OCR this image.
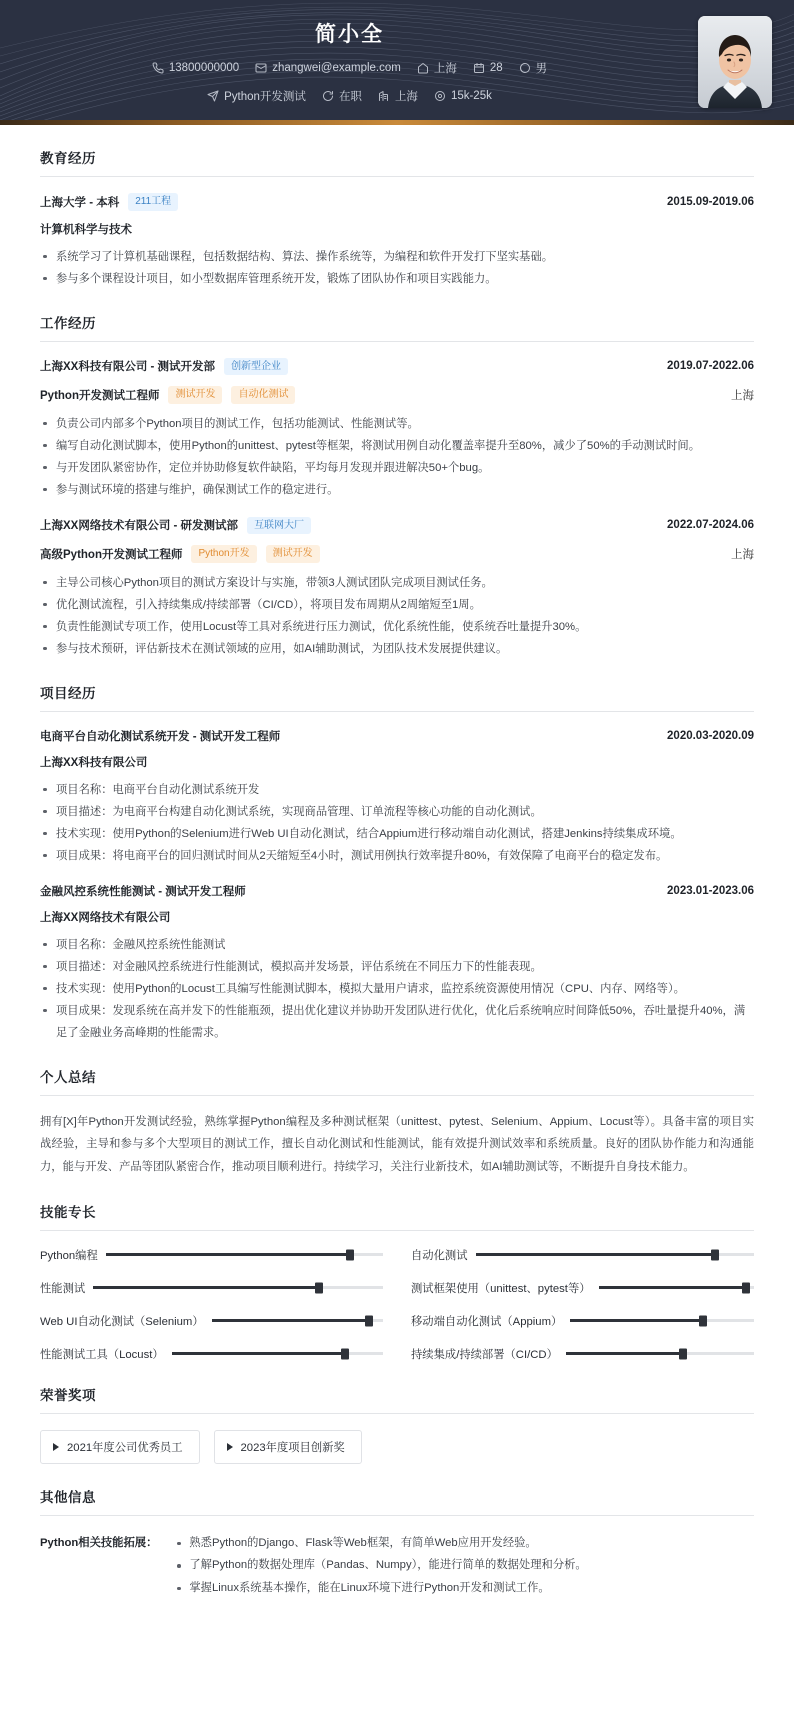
简小全
13800000000	zhangwei@example.com	上海	28	男
Python开发测试	在职	上海	15k-25k
教育经历
上海大学 - 本科	211工程	2015.09-2019.06
计算机科学与技术
系统学习了计算机基础课程，包括数据结构、算法、操作系统等，为编程和软件开发打下坚实基础。
参与多个课程设计项目，如小型数据库管理系统开发，锻炼了团队协作和项目实践能力。
工作经历
上海XX科技有限公司 - 测试开发部	创新型企业	2019.07-2022.06
Python开发测试工程师	测试开发	自动化测试	上海
负责公司内部多个Python项目的测试工作，包括功能测试、性能测试等。
编写自动化测试脚本，使用Python的unittest、pytest等框架，将测试用例自动化覆盖率提升至80%，减少了50%的手动测试时间。
与开发团队紧密协作，定位并协助修复软件缺陷，平均每月发现并跟进解决50+个bug。
参与测试环境的搭建与维护，确保测试工作的稳定进行。
上海XX网络技术有限公司 - 研发测试部	互联网大厂	2022.07-2024.06
高级Python开发测试工程师	Python开发	测试开发	上海
主导公司核心Python项目的测试方案设计与实施，带领3人测试团队完成项目测试任务。
优化测试流程，引入持续集成/持续部署（CI/CD），将项目发布周期从2周缩短至1周。
负责性能测试专项工作，使用Locust等工具对系统进行压力测试，优化系统性能，使系统吞吐量提升30%。
参与技术预研，评估新技术在测试领域的应用，如AI辅助测试，为团队技术发展提供建议。
项目经历
电商平台自动化测试系统开发 - 测试开发工程师	2020.03-2020.09
上海XX科技有限公司
项目名称：电商平台自动化测试系统开发
项目描述：为电商平台构建自动化测试系统，实现商品管理、订单流程等核心功能的自动化测试。
技术实现：使用Python的Selenium进行Web UI自动化测试，结合Appium进行移动端自动化测试，搭建Jenkins持续集成环境。
项目成果：将电商平台的回归测试时间从2天缩短至4小时，测试用例执行效率提升80%，有效保障了电商平台的稳定发布。
金融风控系统性能测试 - 测试开发工程师	2023.01-2023.06
上海XX网络技术有限公司
项目名称：金融风控系统性能测试
项目描述：对金融风控系统进行性能测试，模拟高并发场景，评估系统在不同压力下的性能表现。
技术实现：使用Python的Locust工具编写性能测试脚本，模拟大量用户请求，监控系统资源使用情况（CPU、内存、网络等）。
项目成果：发现系统在高并发下的性能瓶颈，提出优化建议并协助开发团队进行优化，优化后系统响应时间降低50%，吞吐量提升40%，满足了金融业务高峰期的性能需求。
个人总结
拥有[X]年Python开发测试经验，熟练掌握Python编程及多种测试框架（unittest、pytest、Selenium、Appium、Locust等）。具备丰富的项目实战经验，主导和参与多个大型项目的测试工作，擅长自动化测试和性能测试，能有效提升测试效率和系统质量。良好的团队协作能力和沟通能力，能与开发、产品等团队紧密合作，推动项目顺利进行。持续学习，关注行业新技术，如AI辅助测试等，不断提升自身技术能力。
技能专长
Python编程	自动化测试
性能测试	测试框架使用（unittest、pytest等）
Web UI自动化测试（Selenium）	移动端自动化测试（Appium）
性能测试工具（Locust）	持续集成/持续部署（CI/CD）
荣誉奖项
2021年度公司优秀员工	2023年度项目创新奖
其他信息
Python相关技能拓展：	熟悉Python的Django、Flask等Web框架，有简单Web应用开发经验。
了解Python的数据处理库（Pandas、Numpy），能进行简单的数据处理和分析。
掌握Linux系统基本操作，能在Linux环境下进行Python开发和测试工作。
